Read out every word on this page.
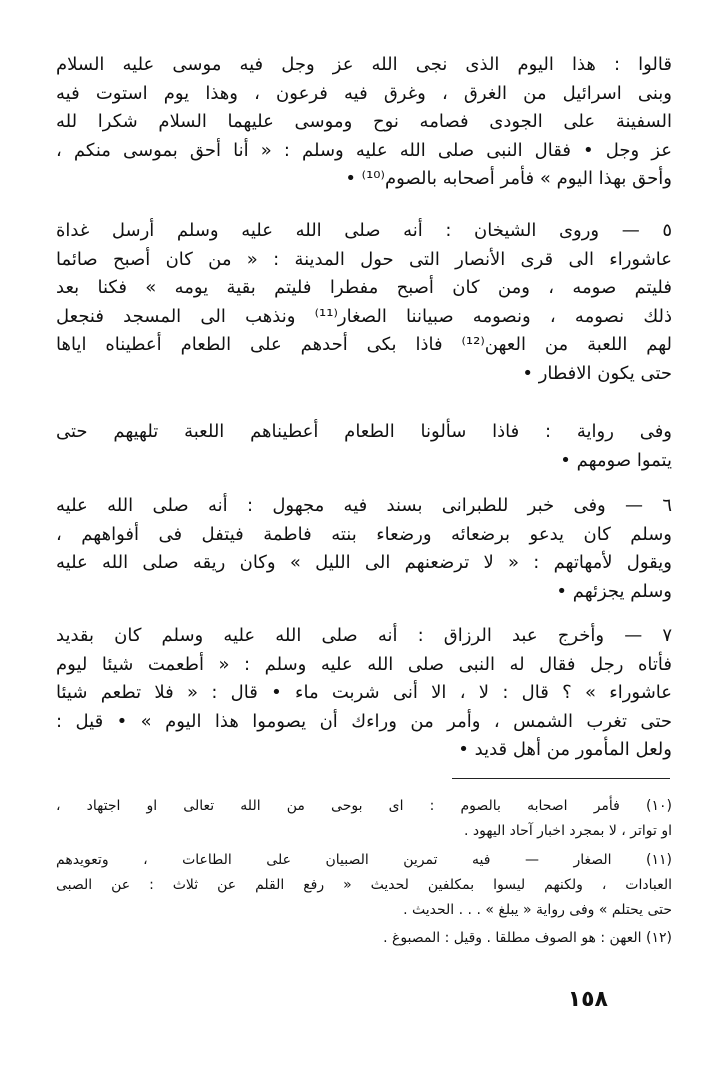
قالوا : هذا اليوم الذى نجى الله عز وجل فيه موسى عليه السلام
وبنى اسرائيل من الغرق ، وغرق فيه فرعون ، وهذا يوم استوت فيه
السفينة على الجودى فصامه نوح وموسى عليهما السلام شكرا لله
عز وجل • فقال النبى صلى الله عليه وسلم : « أنا أحق بموسى منكم ،
وأحق بهذا اليوم » فأمر أصحابه بالصوم⁽¹⁰⁾ •
٥ — وروى الشيخان : أنه صلى الله عليه وسلم أرسل غداة
عاشوراء الى قرى الأنصار التى حول المدينة : « من كان أصبح صائما
فليتم صومه ، ومن كان أصبح مفطرا فليتم بقية يومه » فكنا بعد
ذلك نصومه ، ونصومه صبياننا الصغار⁽¹¹⁾ ونذهب الى المسجد فنجعل
لهم اللعبة من العهن⁽¹²⁾ فاذا بكى أحدهم على الطعام أعطيناه اياها
حتى يكون الافطار •
وفى رواية : فاذا سألونا الطعام أعطيناهم اللعبة تلهيهم حتى
يتموا صومهم •
٦ — وفى خبر للطبرانى بسند فيه مجهول : أنه صلى الله عليه
وسلم كان يدعو برضعائه ورضعاء بنته فاطمة فيتفل فى أفواههم ،
ويقول لأمهاتهم : « لا ترضعنهم الى الليل » وكان ريقه صلى الله عليه
وسلم يجزئهم •
٧ — وأخرج عبد الرزاق : أنه صلى الله عليه وسلم كان بقديد
فأتاه رجل فقال له النبى صلى الله عليه وسلم : « أطعمت شيئا ليوم
عاشوراء » ؟ قال : لا ، الا أنى شربت ماء • قال : « فلا تطعم شيئا
حتى تغرب الشمس ، وأمر من وراءك أن يصوموا هذا اليوم » • قيل :
ولعل المأمور من أهل قديد •
(١٠) فأمر اصحابه بالصوم : اى بوحى من الله تعالى او اجتهاد ،
او تواتر ، لا بمجرد اخبار آحاد اليهود .
(١١) الصغار — فيه تمرين الصبيان على الطاعات ، وتعويدهم
العبادات ، ولكنهم ليسوا بمكلفين لحديث « رفع القلم عن ثلاث : عن الصبى
حتى يحتلم » وفى رواية « يبلغ » . . . الحديث .
(١٢) العهن : هو الصوف مطلقا . وقيل : المصبوغ .
١٥٨
